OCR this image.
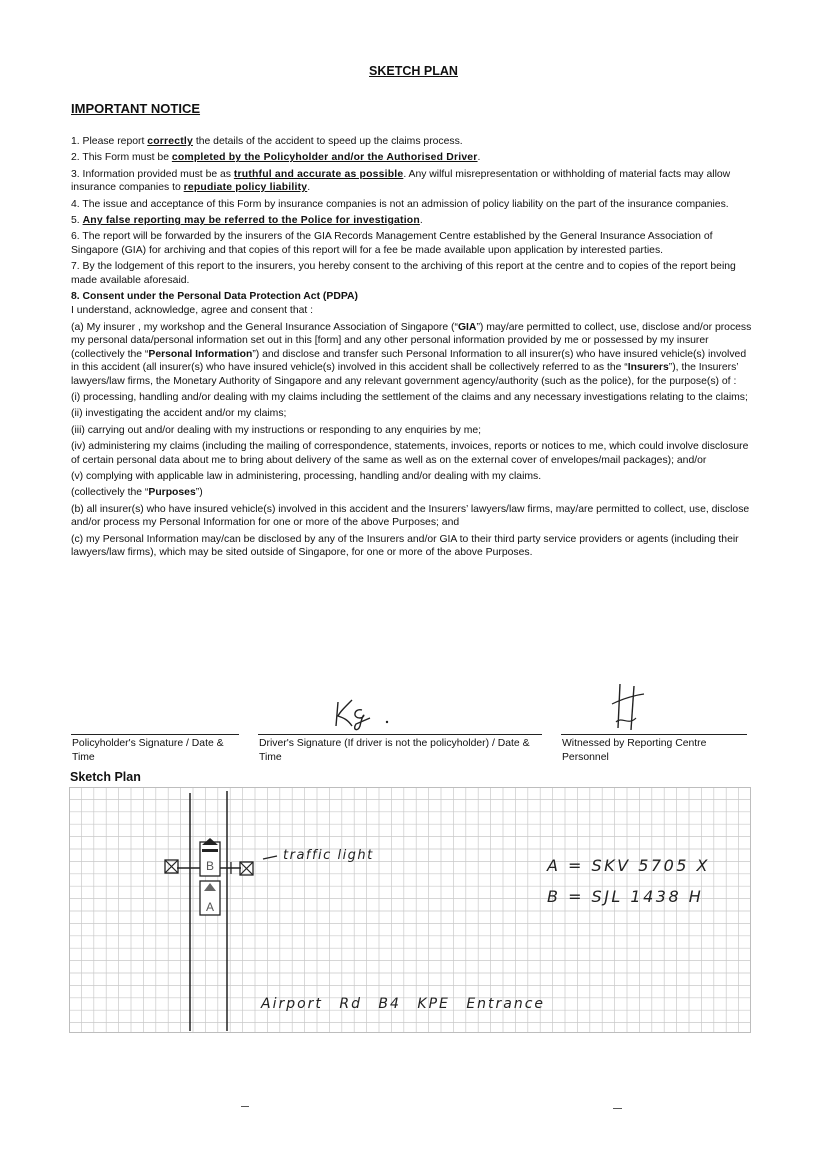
SKETCH PLAN
IMPORTANT NOTICE

1. Please report correctly the details of the accident to speed up the claims process.

2. This Form must be completed by the Policyholder and/or the Authorised Driver.

3. Information provided must be as truthful and accurate as possible. Any wilful misrepresentation or withholding of material facts may allow insurance companies to repudiate policy liability.

4. The issue and acceptance of this Form by insurance companies is not an admission of policy liability on the part of the insurance companies.

5. Any false reporting may be referred to the Police for investigation.

6. The report will be forwarded by the insurers of the GIA Records Management Centre established by the General Insurance Association of Singapore (GIA) for archiving and that copies of this report will for a fee be made available upon application by interested parties.

7. By the lodgement of this report to the insurers, you hereby consent to the archiving of this report at the centre and to copies of the report being made available aforesaid.

8. Consent under the Personal Data Protection Act (PDPA)

I understand, acknowledge, agree and consent that :

(a) My insurer , my workshop and the General Insurance Association of Singapore (“GIA”) may/are permitted to collect, use, disclose and/or process my personal data/personal information set out in this [form] and any other personal information provided by me or possessed by my insurer (collectively the “Personal Information”) and disclose and transfer such Personal Information to all insurer(s) who have insured vehicle(s) involved in this accident (all insurer(s) who have insured vehicle(s) involved in this accident shall be collectively referred to as the “Insurers”), the Insurers’ lawyers/law firms, the Monetary Authority of Singapore and any relevant government agency/authority (such as the police), for the purpose(s) of :

(i) processing, handling and/or dealing with my claims including the settlement of the claims and any necessary investigations relating to the claims;

(ii) investigating the accident and/or my claims;

(iii) carrying out and/or dealing with my instructions or responding to any enquiries by me;

(iv) administering my claims (including the mailing of correspondence, statements, invoices, reports or notices to me, which could involve disclosure of certain personal data about me to bring about delivery of the same as well as on the external cover of envelopes/mail packages); and/or

(v) complying with applicable law in administering, processing, handling and/or dealing with my claims.

(collectively the “Purposes”)

(b) all insurer(s) who have insured vehicle(s) involved in this accident and the Insurers’ lawyers/law firms, may/are permitted to collect, use, disclose and/or process my Personal Information for one or more of the above Purposes; and

(c) my Personal Information may/can be disclosed by any of the Insurers and/or GIA to their third party service providers or agents (including their lawyers/law firms), which may be sited outside of Singapore, for one or more of the above Purposes.

Policyholder's Signature / Date & Time
Driver's Signature (If driver is not the policyholder) / Date & Time
Witnessed by Reporting Centre Personnel
Sketch Plan
B
A
traffic light
A = SKV 5705 X
B = SJL 1438 H
Airport Rd B4 KPE Entrance
